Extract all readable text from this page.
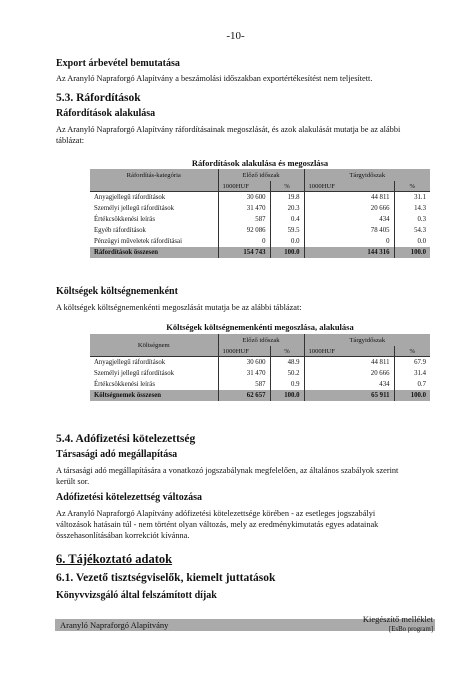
-10-
Export árbevétel bemutatása
Az Aranyló Napraforgó Alapítvány a beszámolási időszakban exportértékesítést nem teljesített.
5.3. Ráfordítások
Ráfordítások alakulása
Az Aranyló Napraforgó Alapítvány ráfordításainak megoszlását, és azok alakulását mutatja be az alábbi
táblázat:
Ráfordítások alakulása és megoszlása
Ráfordítás-kategória	Előző időszak		Tárgyidőszak	
	1000HUF	%	1000HUF	%
Anyagjellegű ráfordítások	30 600	19.8	44 811	31.1
Személyi jellegű ráfordítások	31 470	20.3	20 666	14.3
Értékcsökkenési leírás	587	0.4	434	0.3
Egyéb ráfordítások	92 086	59.5	78 405	54.3
Pénzügyi műveletek ráfordításai	0	0.0	0	0.0
Ráfordítások összesen	154 743	100.0	144 316	100.0
Költségek költségnemenként
A költségek költségnemenkénti megoszlását mutatja be az alábbi táblázat:
Költségek költségnemenkénti megoszlása, alakulása
Költségnem	Előző időszak		Tárgyidőszak	
	1000HUF	%	1000HUF	%
Anyagjellegű ráfordítások	30 600	48.9	44 811	67.9
Személyi jellegű ráfordítások	31 470	50.2	20 666	31.4
Értékcsökkenési leírás	587	0.9	434	0.7
Költségnemek összesen	62 657	100.0	65 911	100.0
5.4. Adófizetési kötelezettség
Társasági adó megállapítása
A társasági adó megállapítására a vonatkozó jogszabálynak megfelelően, az általános szabályok szerint
került sor.
Adófizetési kötelezettség változása
Az Aranyló Napraforgó Alapítvány adófizetési kötelezettsége körében - az esetleges jogszabályi
változások hatásain túl - nem történt olyan változás, mely az eredménykimutatás egyes adatainak
összehasonlításában korrekciót kívánna.
6. Tájékoztató adatok
6.1. Vezető tisztségviselők, kiemelt juttatások
Könyvvizsgáló által felszámított díjak
Aranyló Napraforgó Alapítvány
Kiegészítő melléklet
[EsBo program]
